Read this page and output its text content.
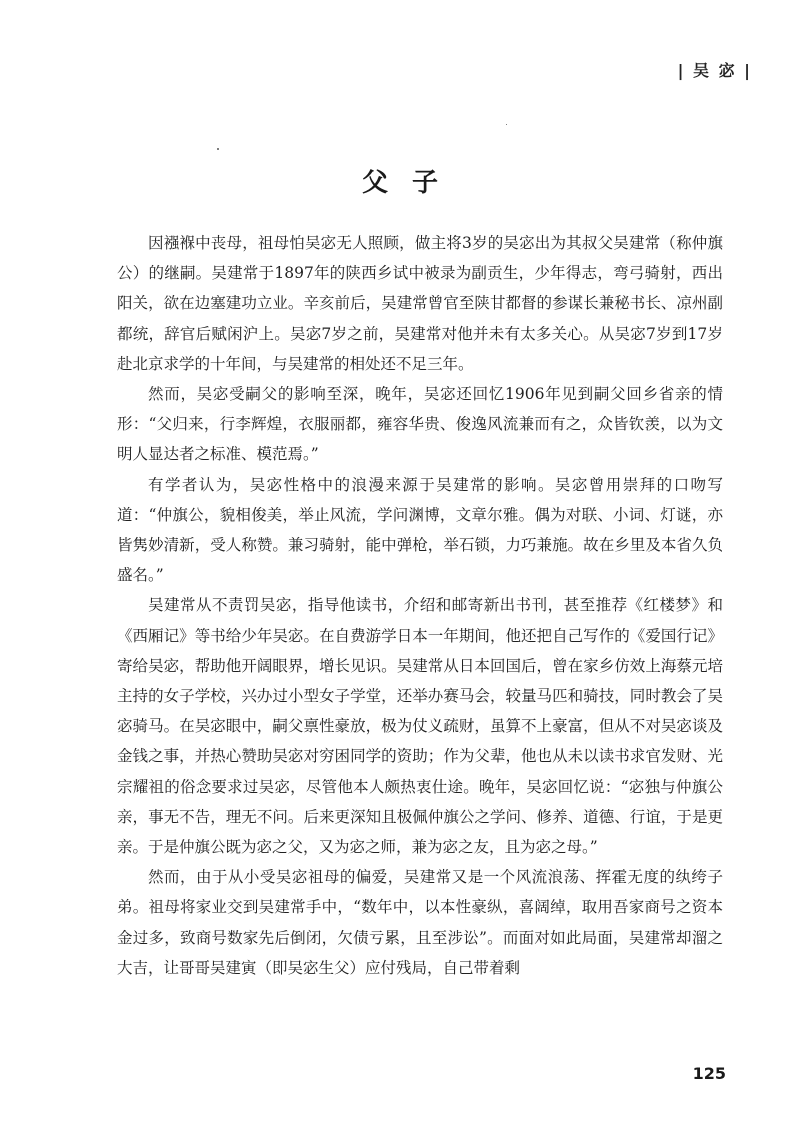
| 吴 宓 |
父子

因襁褓中丧母，祖母怕吴宓无人照顾，做主将3岁的吴宓出为其叔父吴建常（称仲旗公）的继嗣。吴建常于1897年的陕西乡试中被录为副贡生，少年得志，弯弓骑射，西出阳关，欲在边塞建功立业。辛亥前后，吴建常曾官至陕甘都督的参谋长兼秘书长、凉州副都统，辞官后赋闲沪上。吴宓7岁之前，吴建常对他并未有太多关心。从吴宓7岁到17岁赴北京求学的十年间，与吴建常的相处还不足三年。

然而，吴宓受嗣父的影响至深，晚年，吴宓还回忆1906年见到嗣父回乡省亲的情形：“父归来，行李辉煌，衣服丽都，雍容华贵、俊逸风流兼而有之，众皆钦羡，以为文明人显达者之标准、模范焉。”

有学者认为，吴宓性格中的浪漫来源于吴建常的影响。吴宓曾用崇拜的口吻写道：“仲旗公，貌相俊美，举止风流，学问渊博，文章尔雅。偶为对联、小词、灯谜，亦皆隽妙清新，受人称赞。兼习骑射，能中弹枪，举石锁，力巧兼施。故在乡里及本省久负盛名。”

吴建常从不责罚吴宓，指导他读书，介绍和邮寄新出书刊，甚至推荐《红楼梦》和《西厢记》等书给少年吴宓。在自费游学日本一年期间，他还把自己写作的《爱国行记》寄给吴宓，帮助他开阔眼界，增长见识。吴建常从日本回国后，曾在家乡仿效上海蔡元培主持的女子学校，兴办过小型女子学堂，还举办赛马会，较量马匹和骑技，同时教会了吴宓骑马。在吴宓眼中，嗣父禀性豪放，极为仗义疏财，虽算不上豪富，但从不对吴宓谈及金钱之事，并热心赞助吴宓对穷困同学的资助；作为父辈，他也从未以读书求官发财、光宗耀祖的俗念要求过吴宓，尽管他本人颇热衷仕途。晚年，吴宓回忆说：“宓独与仲旗公亲，事无不告，理无不问。后来更深知且极佩仲旗公之学问、修养、道德、行谊，于是更亲。于是仲旗公既为宓之父，又为宓之师，兼为宓之友，且为宓之母。”

然而，由于从小受吴宓祖母的偏爱，吴建常又是一个风流浪荡、挥霍无度的纨绔子弟。祖母将家业交到吴建常手中，“数年中，以本性豪纵，喜阔绰，取用吾家商号之资本金过多，致商号数家先后倒闭，欠债亏累，且至涉讼”。而面对如此局面，吴建常却溜之大吉，让哥哥吴建寅（即吴宓生父）应付残局，自己带着剩

125
